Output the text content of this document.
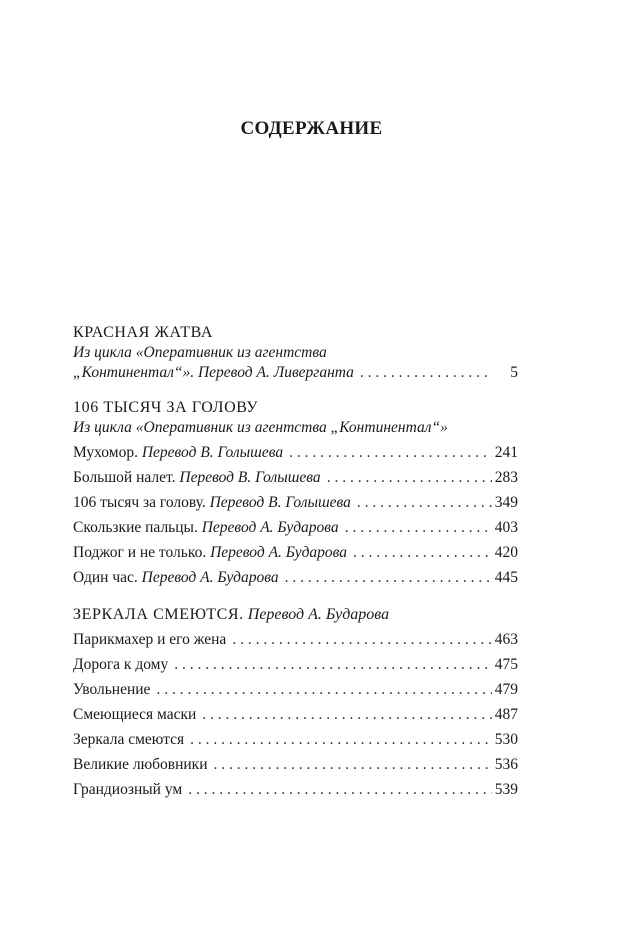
СОДЕРЖАНИЕ
КРАСНАЯ ЖАТВА
Из цикла «Оперативник из агентства
„Континентал“». Перевод А. Ливерганта . . .	5
106 ТЫСЯЧ ЗА ГОЛОВУ
Из цикла «Оперативник из агентства „Континентал“»
Мухомор. Перевод В. Голышева . . .	241
Большой налет. Перевод В. Голышева . . .	283
106 тысяч за голову. Перевод В. Голышева . . .	349
Скользкие пальцы. Перевод А. Бударова . . .	403
Поджог и не только. Перевод А. Бударова . . .	420
Один час. Перевод А. Бударова . . .	445
ЗЕРКАЛА СМЕЮТСЯ. Перевод А. Бударова
Парикмахер и его жена . . .	463
Дорога к дому . . .	475
Увольнение . . .	479
Смеющиеся маски . . .	487
Зеркала смеются . . .	530
Великие любовники . . .	536
Грандиозный ум . . .	539
